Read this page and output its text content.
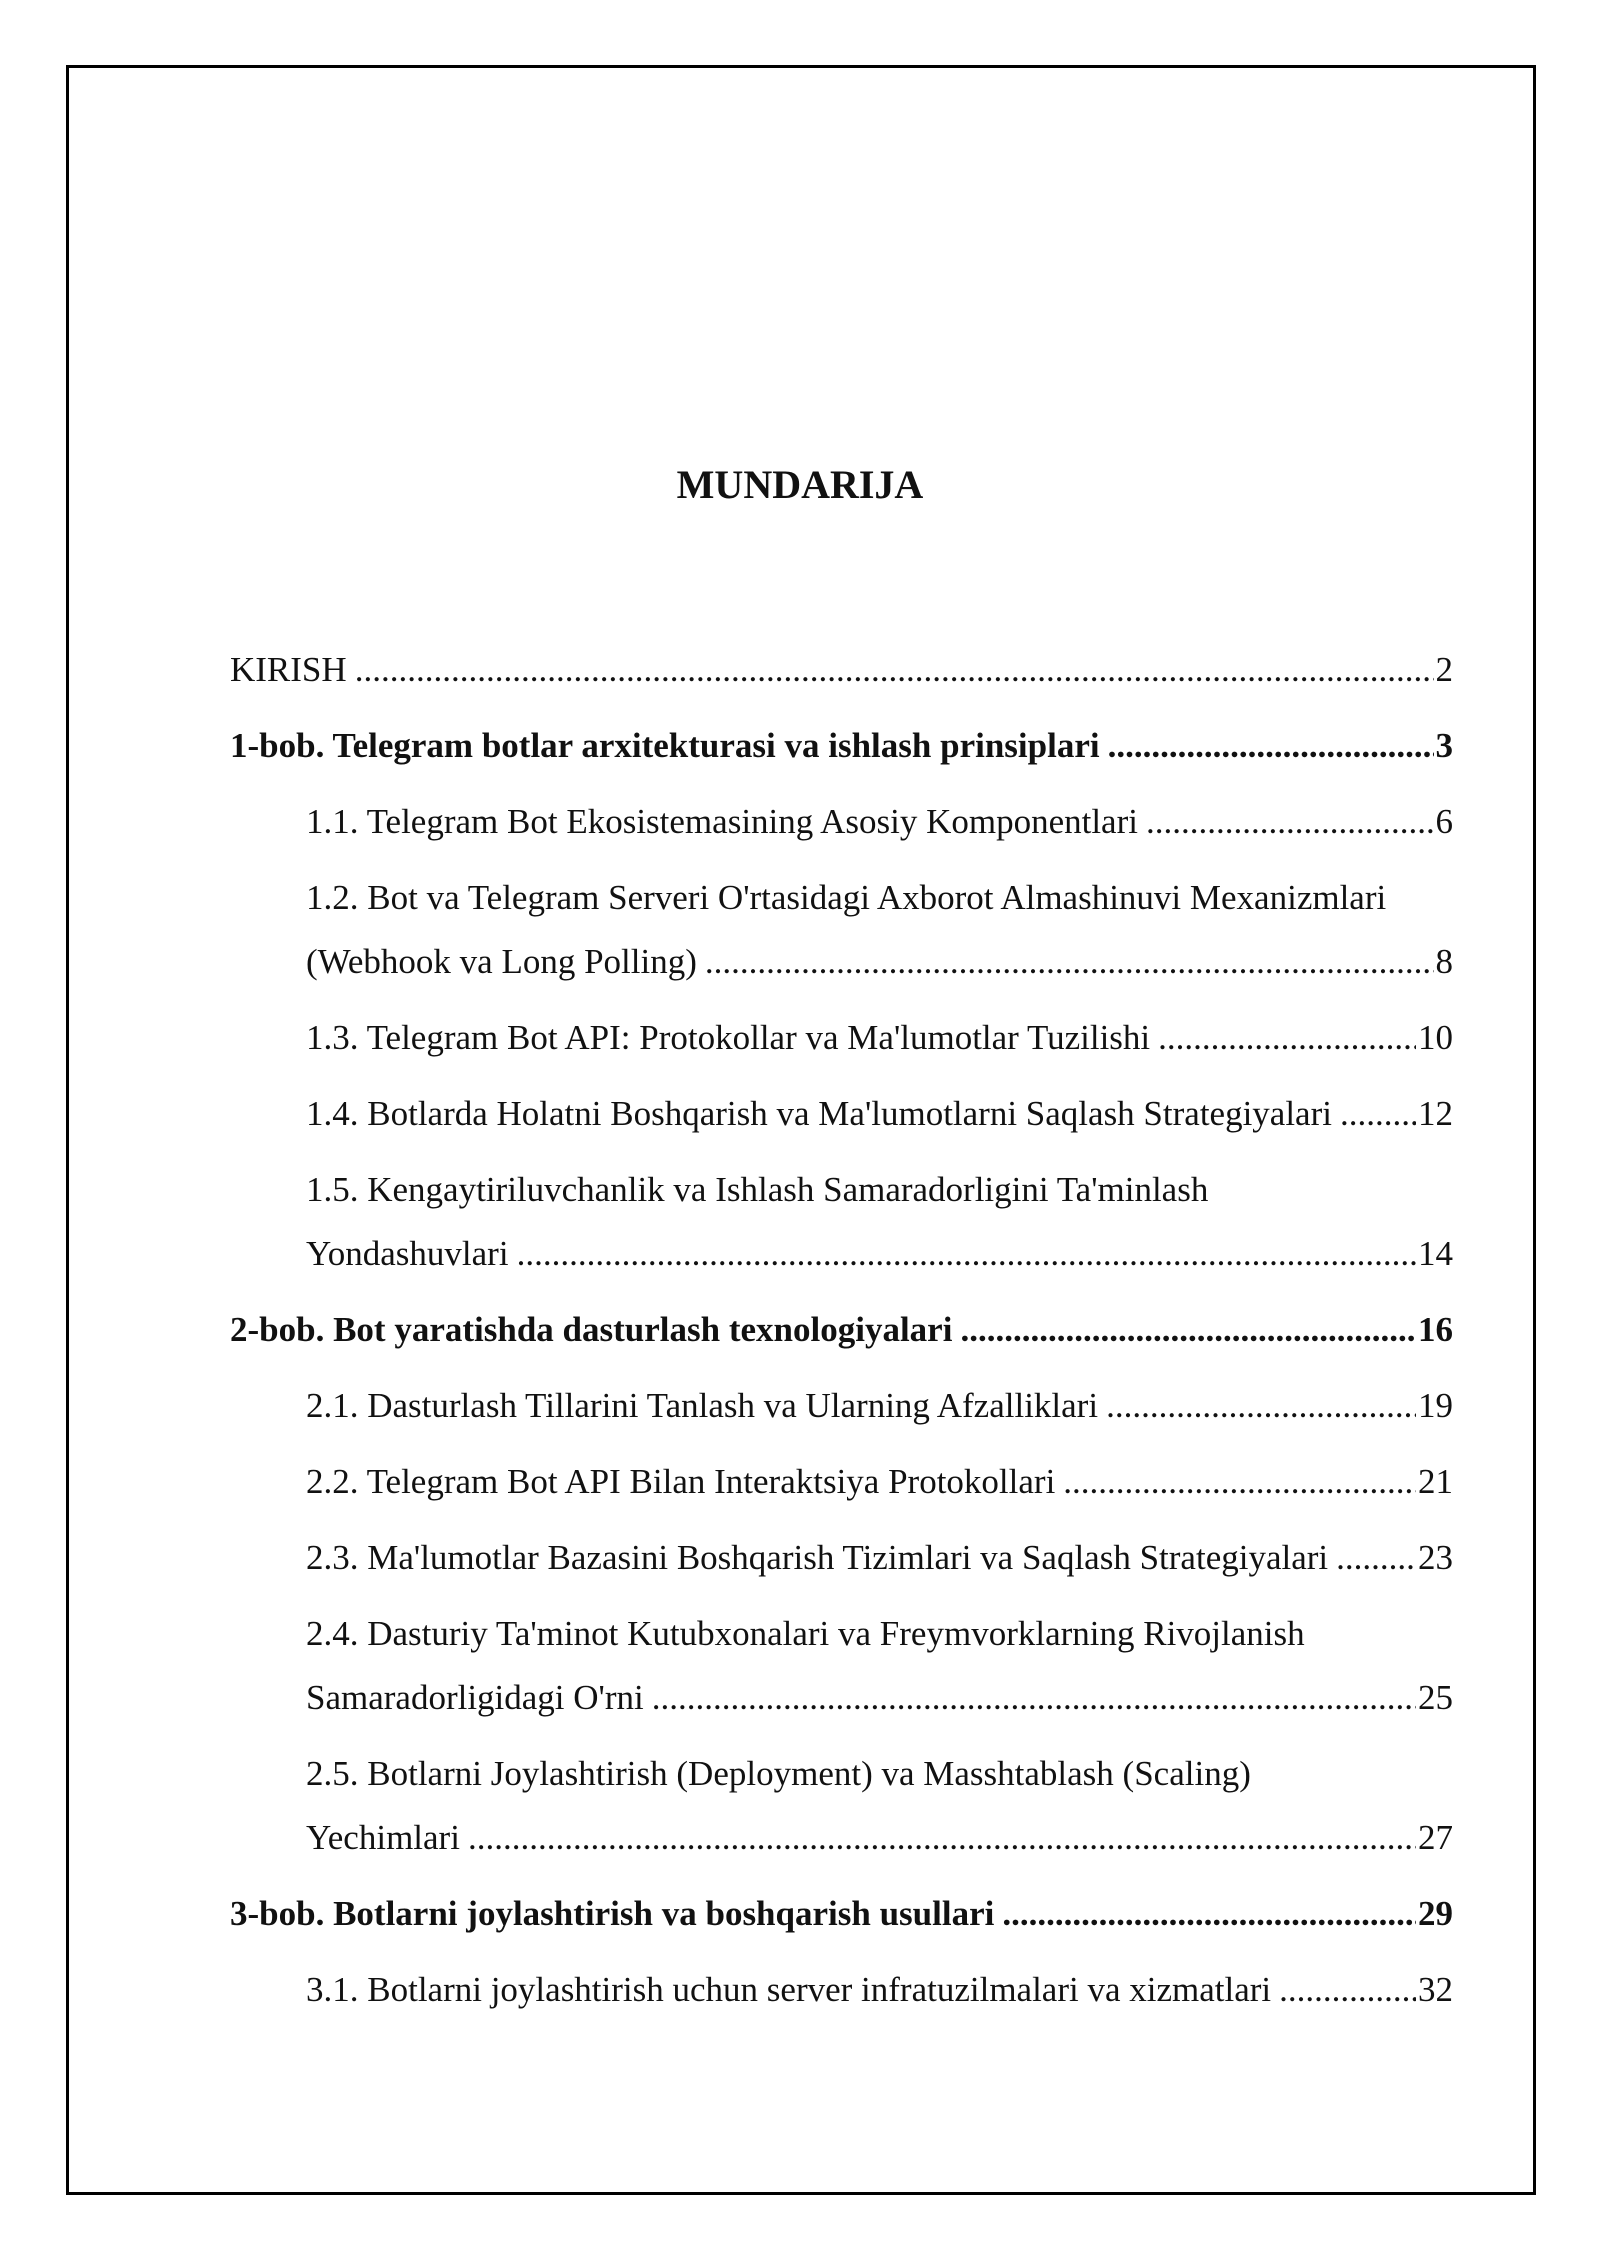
MUNDARIJA
KIRISH .....	2
1-bob. Telegram botlar arxitekturasi va ishlash prinsiplari .....	3
1.1. Telegram Bot Ekosistemasining Asosiy Komponentlari .....	6
1.2. Bot va Telegram Serveri O'rtasidagi Axborot Almashinuvi Mexanizmlari
(Webhook va Long Polling) .....	8
1.3. Telegram Bot API: Protokollar va Ma'lumotlar Tuzilishi .....	10
1.4. Botlarda Holatni Boshqarish va Ma'lumotlarni Saqlash Strategiyalari ..... 12
1.5. Kengaytiriluvchanlik va Ishlash Samaradorligini Ta'minlash
Yondashuvlari .....	14
2-bob. Bot yaratishda dasturlash texnologiyalari .....	16
2.1. Dasturlash Tillarini Tanlash va Ularning Afzalliklari .....	19
2.2. Telegram Bot API Bilan Interaktsiya Protokollari .....	21
2.3. Ma'lumotlar Bazasini Boshqarish Tizimlari va Saqlash Strategiyalari .....	23
2.4. Dasturiy Ta'minot Kutubxonalari va Freymvorklarning Rivojlanish
Samaradorligidagi O'rni .....	25
2.5. Botlarni Joylashtirish (Deployment) va Masshtablash (Scaling)
Yechimlari .....	27
3-bob. Botlarni joylashtirish va boshqarish usullari .....	29
3.1. Botlarni joylashtirish uchun server infratuzilmalari va xizmatlari .....	32
